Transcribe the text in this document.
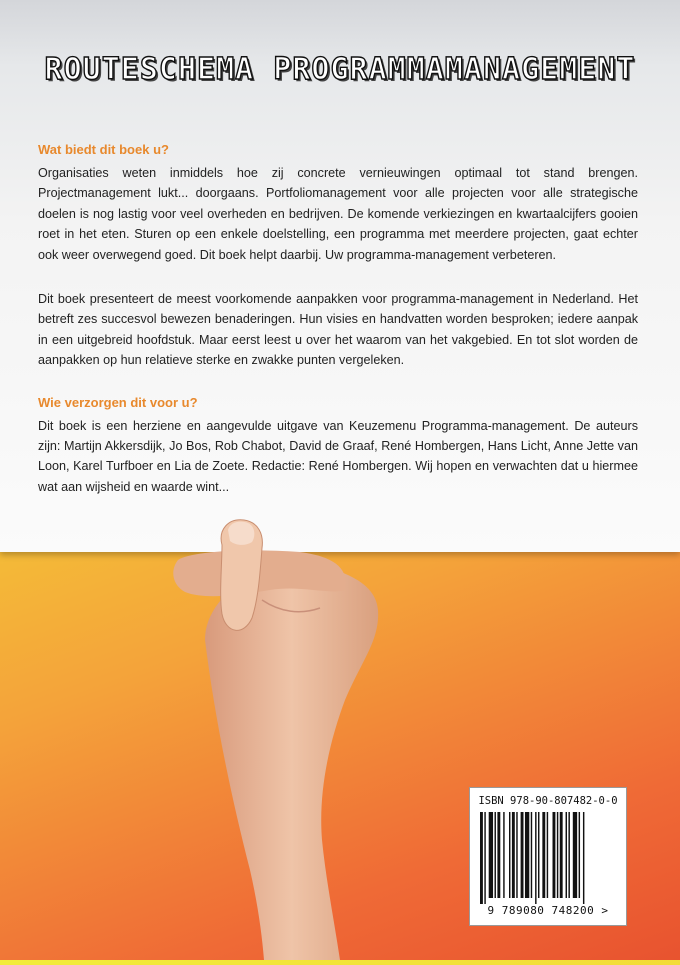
ROUTESCHEMA PROGRAMMAMANAGEMENT

Wat biedt dit boek u?

Organisaties weten inmiddels hoe zij concrete vernieuwingen optimaal tot stand brengen. Projectmanagement lukt... doorgaans. Portfoliomanagement voor alle projecten voor alle strategische doelen is nog lastig voor veel overheden en bedrijven. De komende verkiezingen en kwartaalcijfers gooien roet in het eten. Sturen op een enkele doelstelling, een programma met meerdere projecten, gaat echter ook weer overwegend goed. Dit boek helpt daarbij. Uw programma-management verbeteren.

Dit boek presenteert de meest voorkomende aanpakken voor programma-management in Nederland. Het betreft zes succesvol bewezen benaderingen. Hun visies en handvatten worden besproken; iedere aanpak in een uitgebreid hoofdstuk. Maar eerst leest u over het waarom van het vakgebied. En tot slot worden de aanpakken op hun relatieve sterke en zwakke punten vergeleken.

Wie verzorgen dit voor u?

Dit boek is een herziene en aangevulde uitgave van Keuzemenu Programma-management. De auteurs zijn: Martijn Akkersdijk, Jo Bos, Rob Chabot, David de Graaf, René Hombergen, Hans Licht, Anne Jette van Loon, Karel Turfboer en Lia de Zoete. Redactie: René Hombergen. Wij hopen en verwachten dat u hiermee wat aan wijsheid en waarde wint...

ISBN 978-90-807482-0-0
9 789080 748200 >
